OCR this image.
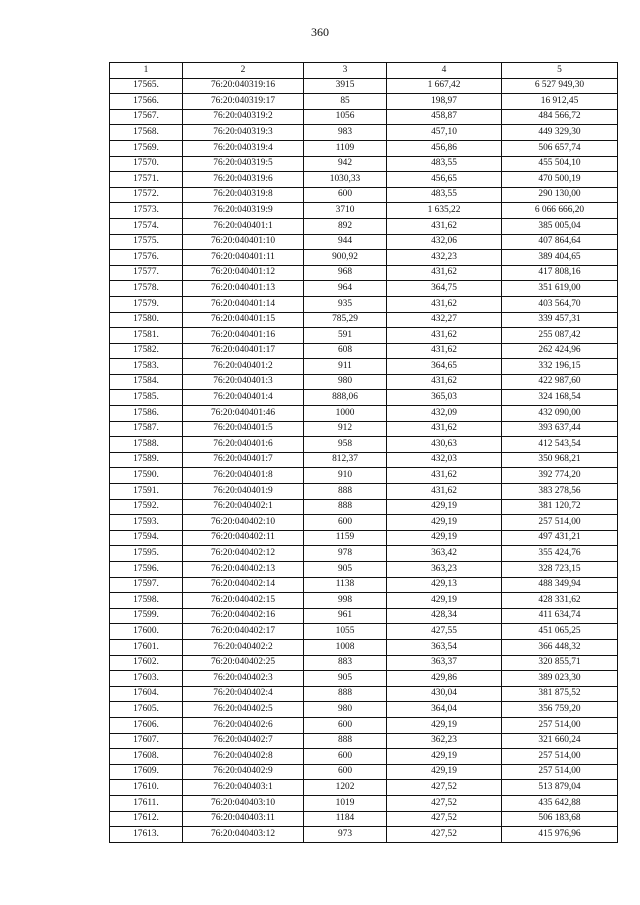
360
1	2	3	4	5
17565.	76:20:040319:16	3915	1 667,42	6 527 949,30
17566.	76:20:040319:17	85	198,97	16 912,45
17567.	76:20:040319:2	1056	458,87	484 566,72
17568.	76:20:040319:3	983	457,10	449 329,30
17569.	76:20:040319:4	1109	456,86	506 657,74
17570.	76:20:040319:5	942	483,55	455 504,10
17571.	76:20:040319:6	1030,33	456,65	470 500,19
17572.	76:20:040319:8	600	483,55	290 130,00
17573.	76:20:040319:9	3710	1 635,22	6 066 666,20
17574.	76:20:040401:1	892	431,62	385 005,04
17575.	76:20:040401:10	944	432,06	407 864,64
17576.	76:20:040401:11	900,92	432,23	389 404,65
17577.	76:20:040401:12	968	431,62	417 808,16
17578.	76:20:040401:13	964	364,75	351 619,00
17579.	76:20:040401:14	935	431,62	403 564,70
17580.	76:20:040401:15	785,29	432,27	339 457,31
17581.	76:20:040401:16	591	431,62	255 087,42
17582.	76:20:040401:17	608	431,62	262 424,96
17583.	76:20:040401:2	911	364,65	332 196,15
17584.	76:20:040401:3	980	431,62	422 987,60
17585.	76:20:040401:4	888,06	365,03	324 168,54
17586.	76:20:040401:46	1000	432,09	432 090,00
17587.	76:20:040401:5	912	431,62	393 637,44
17588.	76:20:040401:6	958	430,63	412 543,54
17589.	76:20:040401:7	812,37	432,03	350 968,21
17590.	76:20:040401:8	910	431,62	392 774,20
17591.	76:20:040401:9	888	431,62	383 278,56
17592.	76:20:040402:1	888	429,19	381 120,72
17593.	76:20:040402:10	600	429,19	257 514,00
17594.	76:20:040402:11	1159	429,19	497 431,21
17595.	76:20:040402:12	978	363,42	355 424,76
17596.	76:20:040402:13	905	363,23	328 723,15
17597.	76:20:040402:14	1138	429,13	488 349,94
17598.	76:20:040402:15	998	429,19	428 331,62
17599.	76:20:040402:16	961	428,34	411 634,74
17600.	76:20:040402:17	1055	427,55	451 065,25
17601.	76:20:040402:2	1008	363,54	366 448,32
17602.	76:20:040402:25	883	363,37	320 855,71
17603.	76:20:040402:3	905	429,86	389 023,30
17604.	76:20:040402:4	888	430,04	381 875,52
17605.	76:20:040402:5	980	364,04	356 759,20
17606.	76:20:040402:6	600	429,19	257 514,00
17607.	76:20:040402:7	888	362,23	321 660,24
17608.	76:20:040402:8	600	429,19	257 514,00
17609.	76:20:040402:9	600	429,19	257 514,00
17610.	76:20:040403:1	1202	427,52	513 879,04
17611.	76:20:040403:10	1019	427,52	435 642,88
17612.	76:20:040403:11	1184	427,52	506 183,68
17613.	76:20:040403:12	973	427,52	415 976,96
